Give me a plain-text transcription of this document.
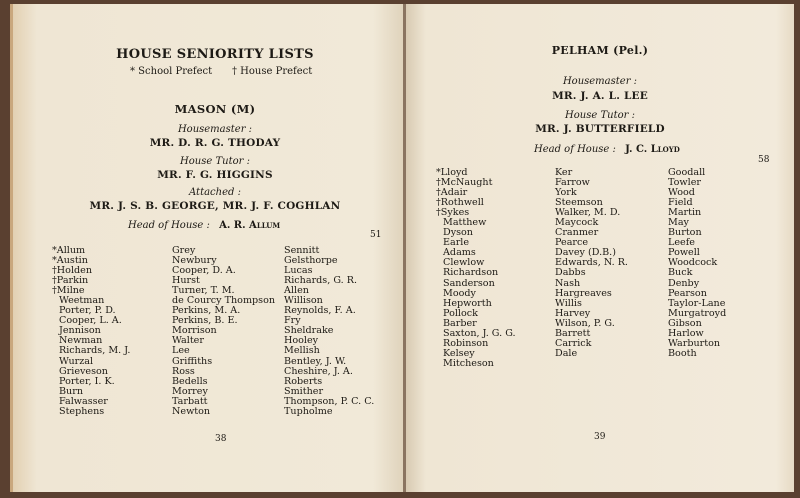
HOUSE SENIORITY LISTS
* School Prefect † House Prefect
MASON (M)
Housemaster :
MR. D. R. G. THODAY
House Tutor :
MR. F. G. HIGGINS
Attached :
MR. J. S. B. GEORGE, MR. J. F. COGHLAN
Head of House : A. R. Allum
51
*Allum
*Austin
†Holden
†Parkin
†Milne
Weetman
Porter, P. D.
Cooper, L. A.
Jennison
Newman
Richards, M. J.
Wurzal
Grieveson
Porter, I. K.
Burn
Falwasser
Stephens
Grey
Newbury
Cooper, D. A.
Hurst
Turner, T. M.
de Courcy Thompson
Perkins, M. A.
Perkins, B. E.
Morrison
Walter
Lee
Griffiths
Ross
Bedells
Morrey
Tarbatt
Newton
Sennitt
Gelsthorpe
Lucas
Richards, G. R.
Allen
Willison
Reynolds, F. A.
Fry
Sheldrake
Hooley
Mellish
Bentley, J. W.
Cheshire, J. A.
Roberts
Smither
Thompson, P. C. C.
Tupholme
38
PELHAM (Pel.)
Housemaster :
MR. J. A. L. LEE
House Tutor :
MR. J. BUTTERFIELD
Head of House : J. C. Lloyd
58
*Lloyd
†McNaught
†Adair
†Rothwell
†Sykes
Matthew
Dyson
Earle
Adams
Clewlow
Richardson
Sanderson
Moody
Hepworth
Pollock
Barber
Saxton, J. G. G.
Robinson
Kelsey
Mitcheson
Ker
Farrow
York
Steemson
Walker, M. D.
Maycock
Cranmer
Pearce
Davey (D.B.)
Edwards, N. R.
Dabbs
Nash
Hargreaves
Willis
Harvey
Wilson, P. G.
Barrett
Carrick
Dale
Goodall
Towler
Wood
Field
Martin
May
Burton
Leefe
Powell
Woodcock
Buck
Denby
Pearson
Taylor-Lane
Murgatroyd
Gibson
Harlow
Warburton
Booth
39
